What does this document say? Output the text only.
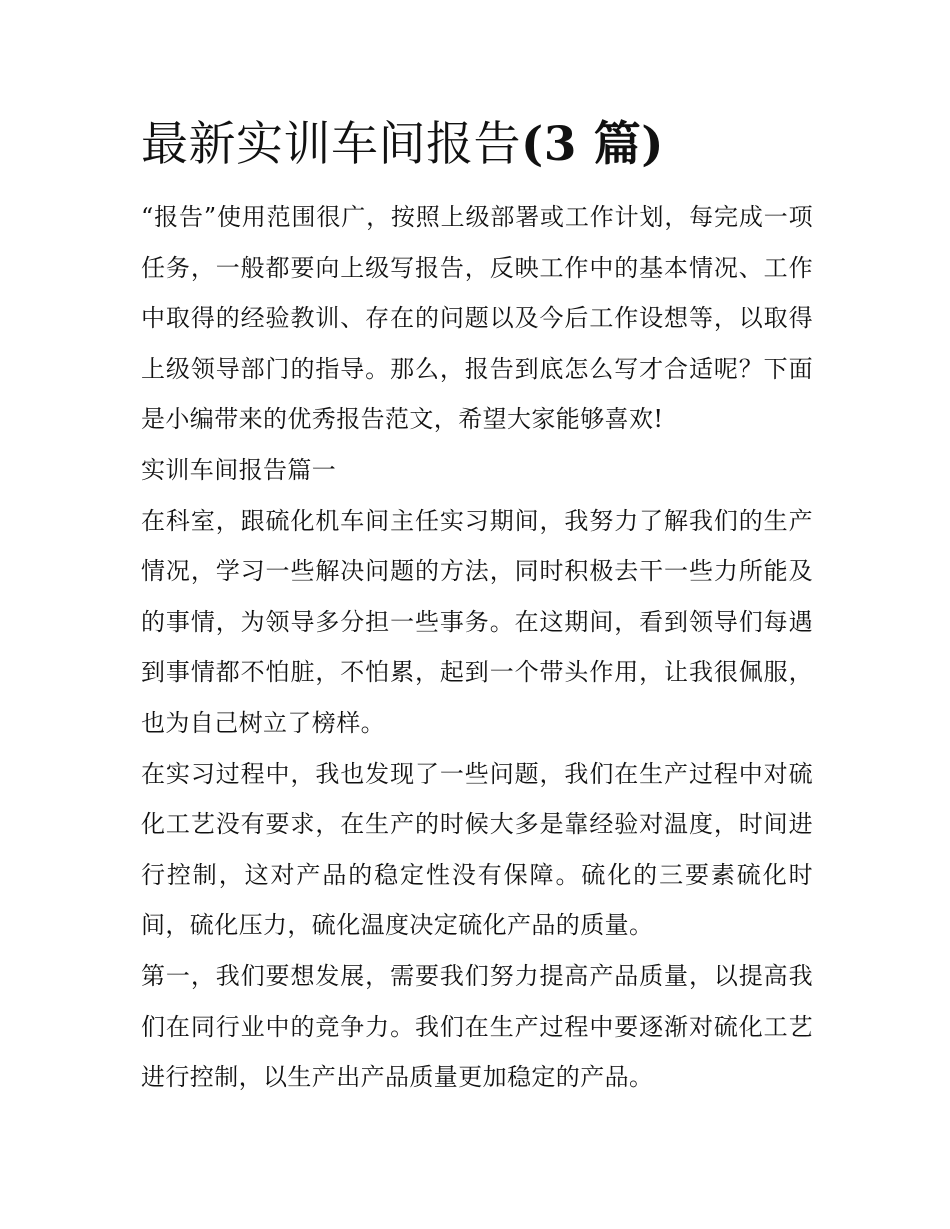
最新实训车间报告(3 篇)

“报告”使用范围很广，按照上级部署或工作计划，每完成一项任务，一般都要向上级写报告，反映工作中的基本情况、工作中取得的经验教训、存在的问题以及今后工作设想等，以取得上级领导部门的指导。那么，报告到底怎么写才合适呢？下面是小编带来的优秀报告范文，希望大家能够喜欢!

实训车间报告篇一

在科室，跟硫化机车间主任实习期间，我努力了解我们的生产情况，学习一些解决问题的方法，同时积极去干一些力所能及的事情，为领导多分担一些事务。在这期间，看到领导们每遇到事情都不怕脏，不怕累，起到一个带头作用，让我很佩服，也为自己树立了榜样。

在实习过程中，我也发现了一些问题，我们在生产过程中对硫化工艺没有要求，在生产的时候大多是靠经验对温度，时间进行控制，这对产品的稳定性没有保障。硫化的三要素硫化时间，硫化压力，硫化温度决定硫化产品的质量。

第一，我们要想发展，需要我们努力提高产品质量，以提高我们在同行业中的竞争力。我们在生产过程中要逐渐对硫化工艺进行控制，以生产出产品质量更加稳定的产品。
